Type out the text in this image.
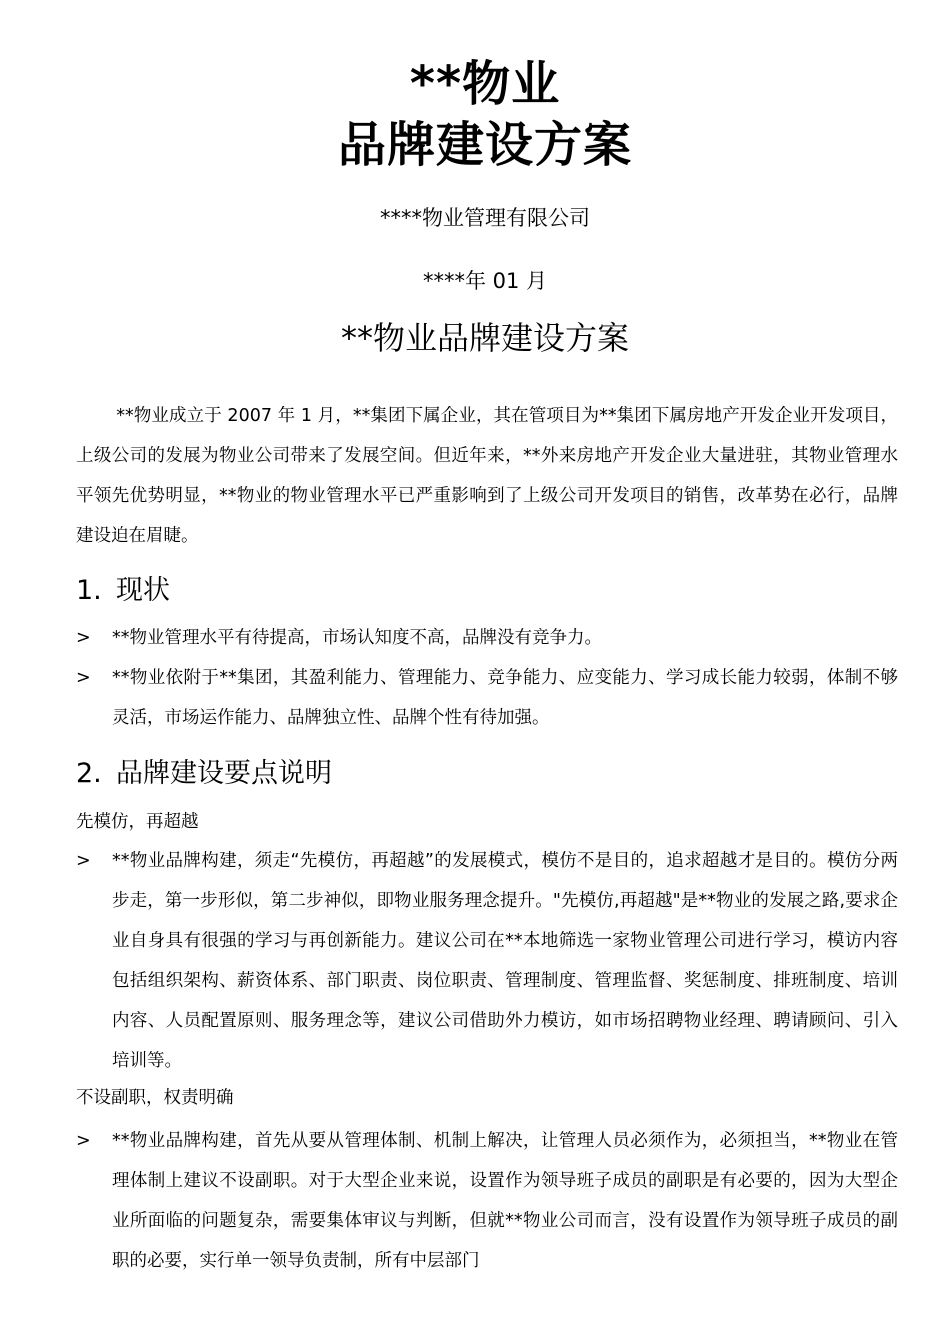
**物业
品牌建设方案
****物业管理有限公司
****年 01 月
**物业品牌建设方案

**物业成立于 2007 年 1 月，**集团下属企业，其在管项目为**集团下属房地产开发企业开发项目，上级公司的发展为物业公司带来了发展空间。但近年来，**外来房地产开发企业大量进驻，其物业管理水平领先优势明显，**物业的物业管理水平已严重影响到了上级公司开发项目的销售，改革势在必行，品牌建设迫在眉睫。

1. 现状
> **物业管理水平有待提高，市场认知度不高，品牌没有竞争力。
> **物业依附于**集团，其盈利能力、管理能力、竞争能力、应变能力、学习成长能力较弱，体制不够灵活，市场运作能力、品牌独立性、品牌个性有待加强。
2. 品牌建设要点说明
先模仿，再超越
> **物业品牌构建，须走“先模仿，再超越”的发展模式，模仿不是目的，追求超越才是目的。模仿分两步走，第一步形似，第二步神似，即物业服务理念提升。"先模仿,再超越"是**物业的发展之路,要求企业自身具有很强的学习与再创新能力。建议公司在**本地筛选一家物业管理公司进行学习，模访内容包括组织架构、薪资体系、部门职责、岗位职责、管理制度、管理监督、奖惩制度、排班制度、培训内容、人员配置原则、服务理念等，建议公司借助外力模访，如市场招聘物业经理、聘请顾问、引入培训等。
不设副职，权责明确
> **物业品牌构建，首先从要从管理体制、机制上解决，让管理人员必须作为，必须担当，**物业在管理体制上建议不设副职。对于大型企业来说，设置作为领导班子成员的副职是有必要的，因为大型企业所面临的问题复杂，需要集体审议与判断，但就**物业公司而言，没有设置作为领导班子成员的副职的必要，实行单一领导负责制，所有中层部门
